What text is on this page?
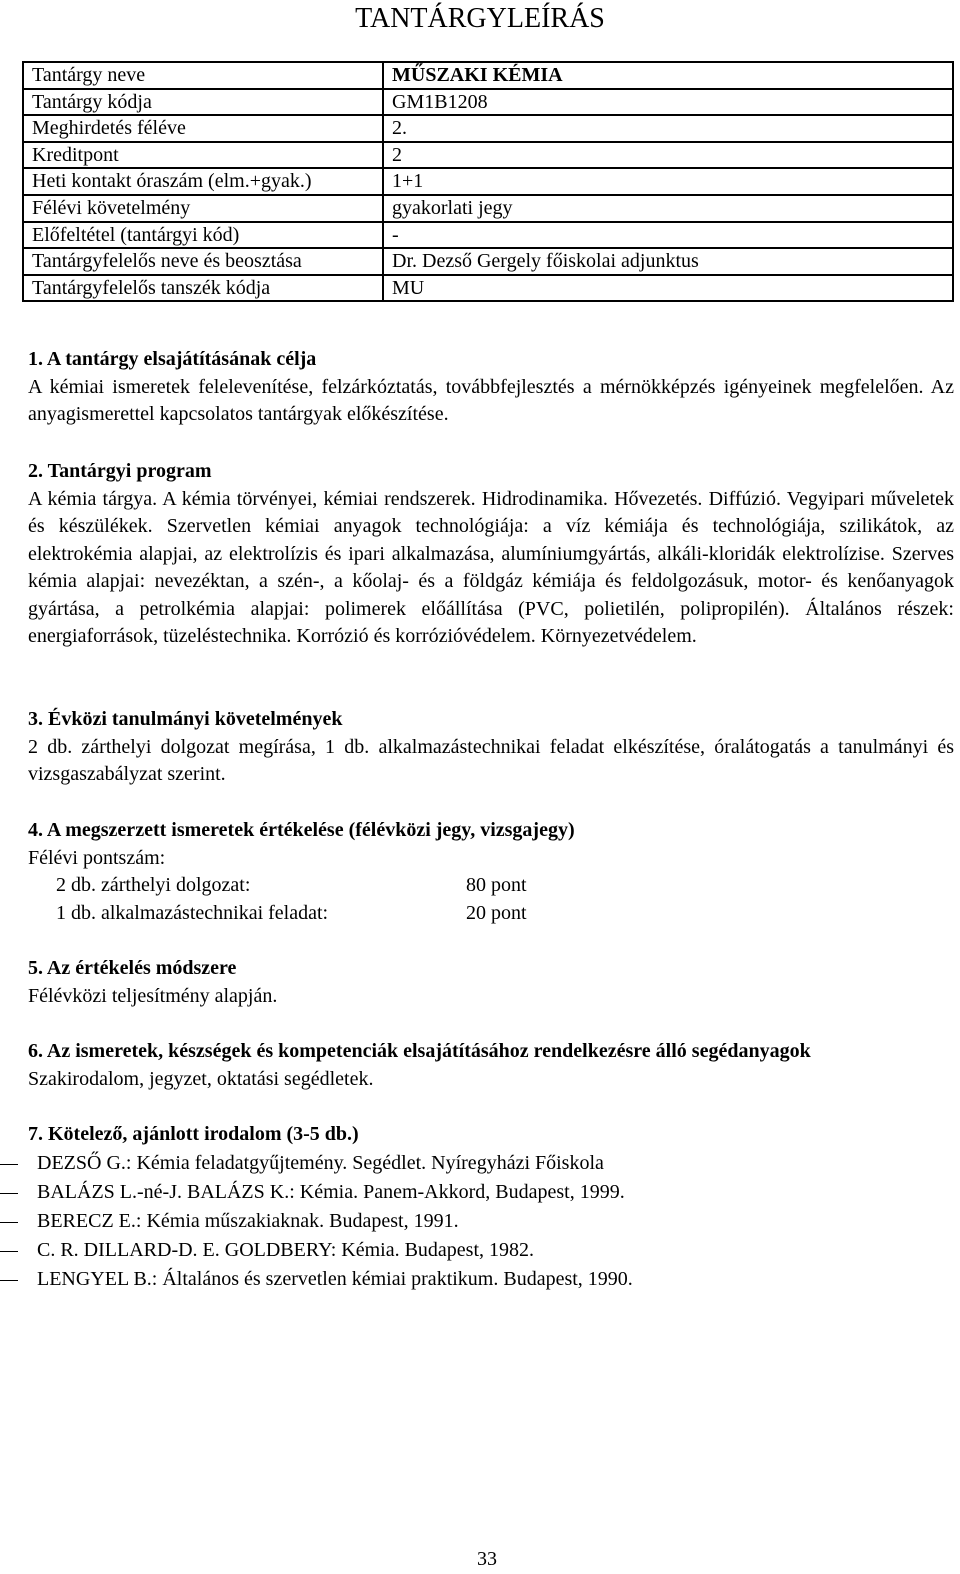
TANTÁRGYLEÍRÁS
Tantárgy neve	MŰSZAKI KÉMIA
Tantárgy kódja	GM1B1208
Meghirdetés féléve	2.
Kreditpont	2
Heti kontakt óraszám (elm.+gyak.)	1+1
Félévi követelmény	gyakorlati jegy
Előfeltétel (tantárgyi kód)	-
Tantárgyfelelős neve és beosztása	Dr. Dezső Gergely főiskolai adjunktus
Tantárgyfelelős tanszék kódja	MU
1. A tantárgy elsajátításának célja

A kémiai ismeretek felelevenítése, felzárkóztatás, továbbfejlesztés a mérnökképzés igényeinek megfelelően. Az anyagismerettel kapcsolatos tantárgyak előkészítése.

2. Tantárgyi program

A kémia tárgya. A kémia törvényei, kémiai rendszerek. Hidrodinamika. Hővezetés. Diffúzió. Vegyipari műveletek és készülékek. Szervetlen kémiai anyagok technológiája: a víz kémiája és technológiája, szilikátok, az elektrokémia alapjai, az elektrolízis és ipari alkalmazása, alumíniumgyártás, alkáli-kloridák elektrolízise. Szerves kémia alapjai: nevezéktan, a szén-, a kőolaj- és a földgáz kémiája és feldolgozásuk, motor- és kenőanyagok gyártása, a petrolkémia alapjai: polimerek előállítása (PVC, polietilén, polipropilén). Általános részek: energiaforrások, tüzeléstechnika. Korrózió és korrózióvédelem. Környezetvédelem.

3. Évközi tanulmányi követelmények

2 db. zárthelyi dolgozat megírása, 1 db. alkalmazástechnikai feladat elkészítése, óralátogatás a tanulmányi és vizsgaszabályzat szerint.

4. A megszerzett ismeretek értékelése (félévközi jegy, vizsgajegy)
Félévi pontszám:
2 db. zárthelyi dolgozat:	80 pont
1 db. alkalmazástechnikai feladat:	20 pont
5. Az értékelés módszere

Félévközi teljesítmény alapján.

6. Az ismeretek, készségek és kompetenciák elsajátításához rendelkezésre álló segédanyagok

Szakirodalom, jegyzet, oktatási segédletek.

7. Kötelező, ajánlott irodalom (3-5 db.)
DEZSŐ G.: Kémia feladatgyűjtemény. Segédlet. Nyíregyházi Főiskola
BALÁZS L.-né-J. BALÁZS K.: Kémia. Panem-Akkord, Budapest, 1999.
BERECZ E.: Kémia műszakiaknak. Budapest, 1991.
C. R. DILLARD-D. E. GOLDBERY: Kémia. Budapest, 1982.
LENGYEL B.: Általános és szervetlen kémiai praktikum. Budapest, 1990.
33
